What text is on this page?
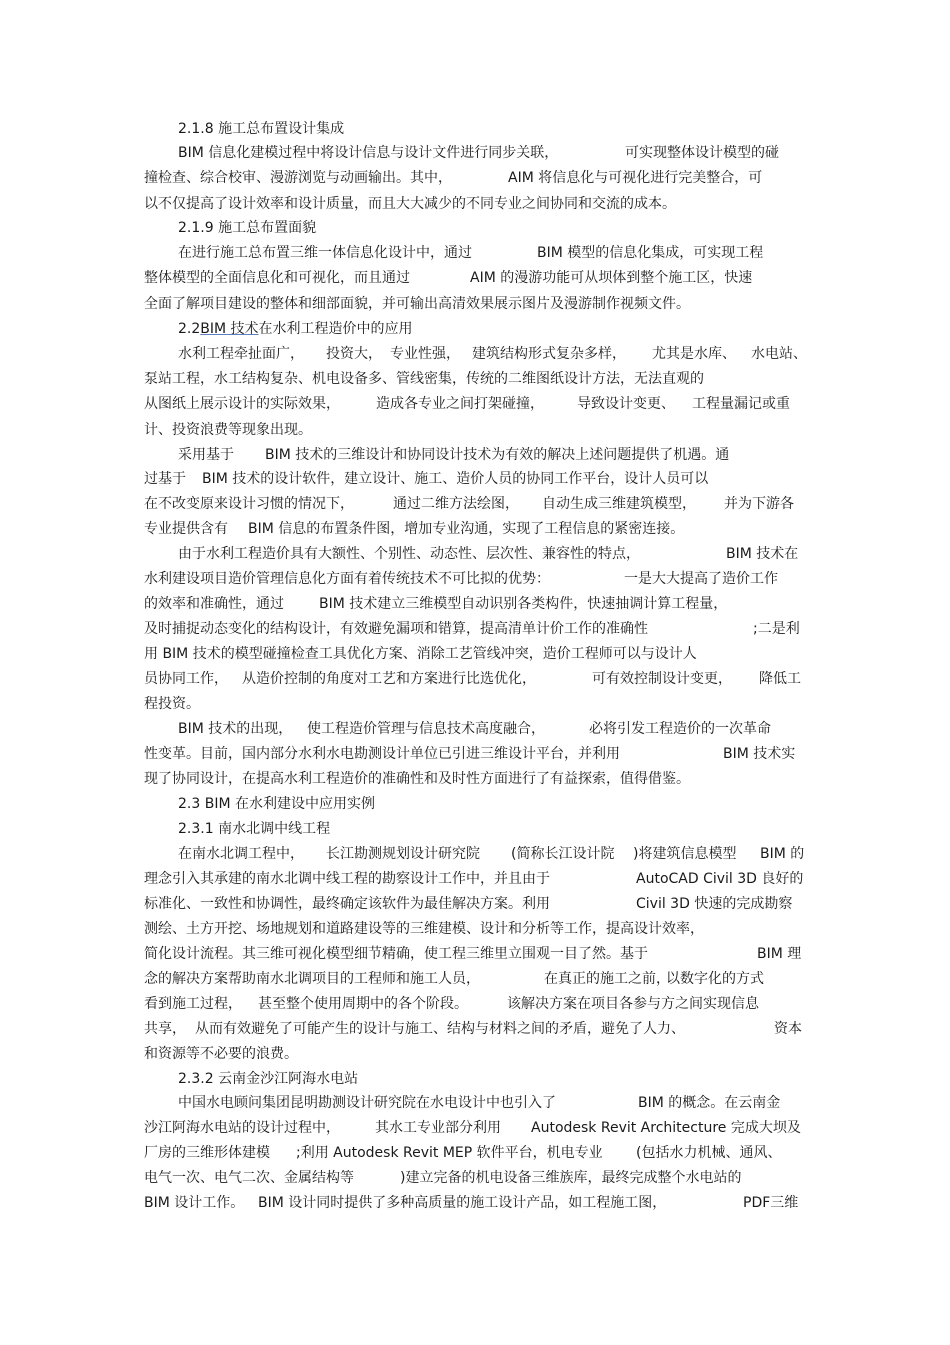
2.1.8 施工总布置设计集成
BIM 信息化建模过程中将设计信息与设计文件进行同步关联，	可实现整体设计模型的碰
撞检查、综合校审、漫游浏览与动画输出。其中，	AIM 将信息化与可视化进行完美整合，可
以不仅提高了设计效率和设计质量，而且大大减少的不同专业之间协同和交流的成本。
2.1.9 施工总布置面貌
在进行施工总布置三维一体信息化设计中，通过	BIM 模型的信息化集成，可实现工程
整体模型的全面信息化和可视化，而且通过	AIM 的漫游功能可从坝体到整个施工区，快速
全面了解项目建设的整体和细部面貌，并可输出高清效果展示图片及漫游制作视频文件。
2.2 BIM 技术 在水利工程造价中的应用
水利工程牵扯面广， 投资大， 专业性强， 建筑结构形式复杂多样， 尤其是水库、 水电站、
泵站工程，水工结构复杂、机电设备多、管线密集，传统的二维图纸设计方法，无法直观的
从图纸上展示设计的实际效果，	造成各专业之间打架碰撞， 导致设计变更、 工程量漏记或重
计、投资浪费等现象出现。
采用基于 BIM 技术的三维设计和协同设计技术为有效的解决上述问题提供了机遇。通
过基于 BIM 技术的设计软件，建立设计、施工、造价人员的协同工作平台，设计人员可以
在不改变原来设计习惯的情况下，	通过二维方法绘图， 自动生成三维建筑模型， 并为下游各
专业提供含有 BIM 信息的布置条件图，增加专业沟通，实现了工程信息的紧密连接。
由于水利工程造价具有大额性、个别性、动态性、层次性、兼容性的特点，	BIM 技术在
水利建设项目造价管理信息化方面有着传统技术不可比拟的优势：	一是大大提高了造价工作
的效率和准确性，通过	BIM 技术建立三维模型自动识别各类构件，快速抽调计算工程量，
及时捕捉动态变化的结构设计，有效避免漏项和错算，提高清单计价工作的准确性	;二是利
用 BIM 技术的模型碰撞检查工具优化方案、消除工艺管线冲突，造价工程师可以与设计人
员协同工作， 从造价控制的角度对工艺和方案进行比选优化，	可有效控制设计变更， 降低工
程投资。
BIM 技术的出现， 使工程造价管理与信息技术高度融合，	必将引发工程造价的一次革命
性变革。目前，国内部分水利水电勘测设计单位已引进三维设计平台，并利用	BIM 技术实
现了协同设计，在提高水利工程造价的准确性和及时性方面进行了有益探索，值得借鉴。
2.3 BIM 在水利建设中应用实例
2.3.1 南水北调中线工程
在南水北调工程中， 长江勘测规划设计研究院 (简称长江设计院 )将建筑信息模型 BIM 的
理念引入其承建的南水北调中线工程的勘察设计工作中，并且由于	AutoCAD Civil 3D 良好的
标准化、一致性和协调性，最终确定该软件为最佳解决方案。利用	Civil 3D 快速的完成勘察
测绘、土方开挖、场地规划和道路建设等的三维建模、设计和分析等工作，提高设计效率，
简化设计流程。其三维可视化模型细节精确，使工程三维里立围观一目了然。基于	BIM 理
念的解决方案帮助南水北调项目的工程师和施工人员，	在真正的施工之前，
以数字化的方式
看到施工过程， 甚至整个使用周期中的各个阶段。	该解决方案在项目各参与方之间实现信息
共享， 从而有效避免了可能产生的设计与施工、结构与材料之间的矛盾，避免了人力、	资本
和资源等不必要的浪费。
2.3.2 云南金沙江阿海水电站
中国水电顾问集团昆明勘测设计研究院在水电设计中也引入了	BIM 的概念。在云南金
沙江阿海水电站的设计过程中，	其水工专业部分利用 Autodesk Revit Architecture 完成大坝及
厂房的三维形体建模 ;利用 Autodesk Revit MEP 软件平台，机电专业 (包括水力机械、通风、
电气一次、电气二次、金属结构等	)建立完备的机电设备三维族库，最终完成整个水电站的
BIM 设计工作。 BIM 设计同时提供了多种高质量的施工设计产品，如工程施工图，	PDF三维
